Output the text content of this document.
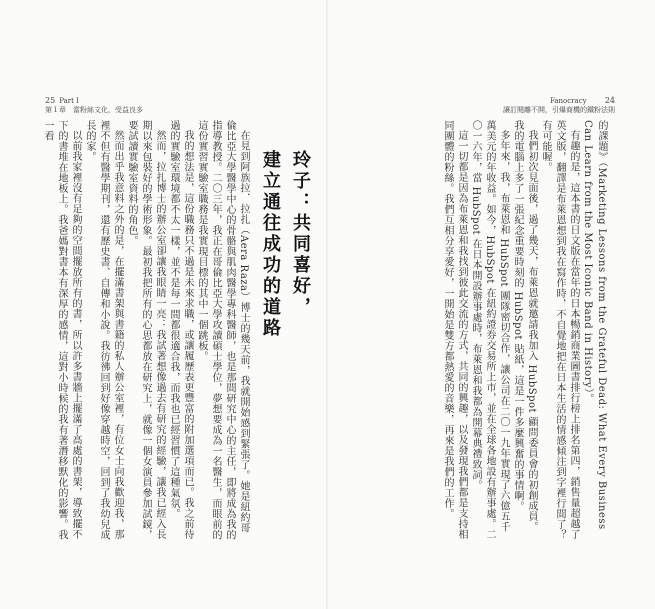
25 Part I
第１章　當粉絲文化，受益良多
玲子：共同喜好，
建立通往成功的道路

在見到阿族拉．拉扎（Aera Raza）博士的幾天前，我就開始感到緊張了。她是紐約哥倫比亞大學醫學中心的骨骼與肌肉醫學專科醫師，也是那間研究中心的主任，即將成為我的指導教授。二〇三年，我正在哥倫比亞大學攻讀碩士學位，夢想要成為一名醫生，而眼前的這份實習實驗室職務是我實現目標的其中一個跳板。

我的想法是，這份職務只不過是未來求職，或讓履歷表更豐富的附加選項而已。我之前待過的實驗室環境都不太一樣，並不是每一間都很適合我，而我也已經習慣了這種氣氛。

然而，拉扎博士的辦公室卻讓我眼睛一亮：我試著想像過去有研究的經驗，讓我已經入長期以來包裝好的學術形象。最初我把所有的心思都放在研究上，就像一個女演員參加試鏡，要試讀實驗室資料的角色。

然而出乎我意料之外的是，在擺滿書架與書籍的私人辦公室裡，有位女士向我歡迎我，那裡不但有醫學期刊，還有歷史書、自傳和小說。我彷彿回到好像穿越時空，回到了我幼兒成長的家。

以前我家裡沒有足夠的空間擺放所有的書，所以許多書牆上擺滿了高處的書架，導致擺不下的書堆在地板上。我爸媽對書本有深厚的感情，這對小時候的我有著潛移默化的影響。我一看

Fanocracy 24
讓訂閱離不開，引爆商機的鐵粉法則

的課題》（Marketing Lessons from the Grateful Dead: What Every Business Can Learn from the Most Iconic Band in History）。

有趣的是，這本書的日文版在當年的日本暢銷商業圖書排行榜上排名第四，銷售量超越了英文版，翻譯是布萊恩想到我在寫作時，不自覺地把在日本生活的情感傾注到字裡行間了？有可能喔。

我們初次見面後，過了幾天，布萊恩就邀請我加入 HubSpot 顧問委員會的初創成員。我的電腦上多了一張紀念重要時刻的 HubSpot 貼紙，這是一件多麼興奮的事情啊。

多年來，我，布萊恩和 HubSpot 團隊密切合作，讓公司在二〇一九年實現了六億五千萬美元的年收益。如今，HubSpot 在紐約證券交易所上市，並在全球各地設有辦事處。二〇一六年，當 HubSpot 在日本開設辦事處時，布萊恩和我都為開幕典禮致詞。

這一切都是因為布萊恩和我找到彼此交流的方式，共同的興趣，以及發現我們都是支持相同團體的粉絲。我們互相分享愛好，一開始是雙方都熱愛的音樂，再來是我們的工作。
